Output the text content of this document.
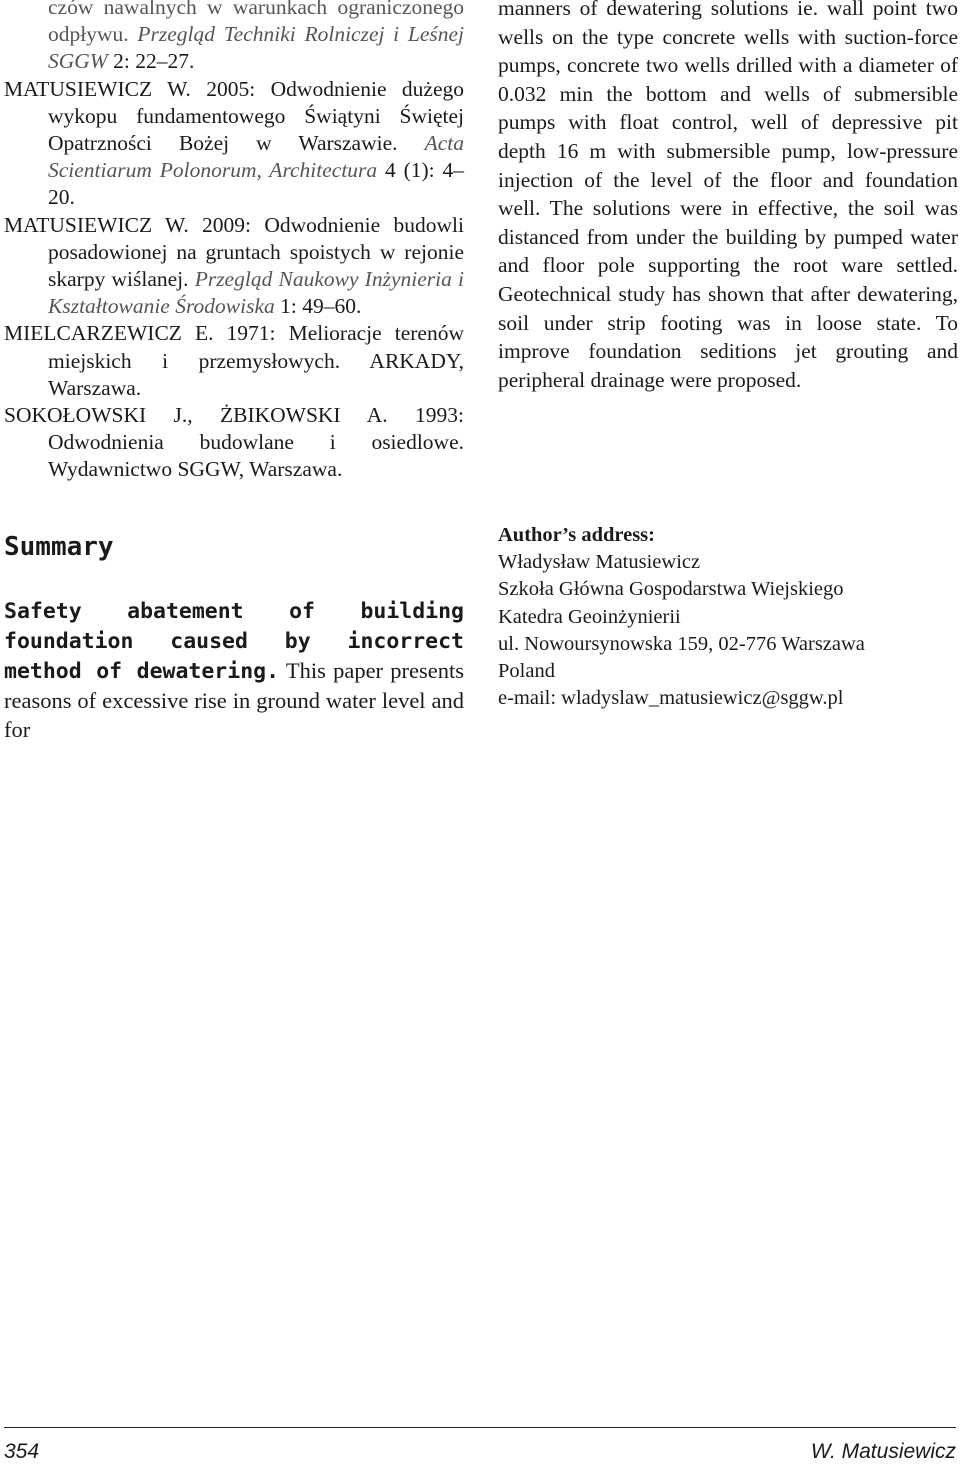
czów nawalnych w warunkach ograniczonego odpływu. Przegląd Techniki Rolniczej i Leśnej SGGW 2: 22–27.

MATUSIEWICZ W. 2005: Odwodnienie dużego wykopu fundamentowego Świątyni Świętej Opatrzności Bożej w Warszawie. Acta Scientiarum Polonorum, Architectura 4 (1): 4–20.

MATUSIEWICZ W. 2009: Odwodnienie budowli posadowionej na gruntach spoistych w rejonie skarpy wiślanej. Przegląd Naukowy Inżynieria i Kształtowanie Środowiska 1: 49–60.

MIELCARZEWICZ E. 1971: Melioracje terenów miejskich i przemysłowych. ARKADY, Warszawa.

SOKOŁOWSKI J., ŻBIKOWSKI A. 1993: Odwodnienia budowlane i osiedlowe. Wydawnictwo SGGW, Warszawa.

manners of dewatering solutions ie. wall point two wells on the type concrete wells with suction-force pumps, concrete two wells drilled with a diameter of 0.032 min the bottom and wells of submersible pumps with float control, well of depressive pit depth 16 m with submersible pump, low-pressure injection of the level of the floor and foundation well. The solutions were in effective, the soil was distanced from under the building by pumped water and floor pole supporting the root ware settled. Geotechnical study has shown that after dewatering, soil under strip footing was in loose state. To improve foundation seditions jet grouting and peripheral drainage were proposed.

Summary

Safety abatement of building foundation caused by incorrect method of dewatering. This paper presents reasons of excessive rise in ground water level and for

Author’s address:
Władysław Matusiewicz
Szkoła Główna Gospodarstwa Wiejskiego
Katedra Geoinżynierii
ul. Nowoursynowska 159, 02-776 Warszawa
Poland
e-mail: wladyslaw_matusiewicz@sggw.pl
354	W. Matusiewicz
